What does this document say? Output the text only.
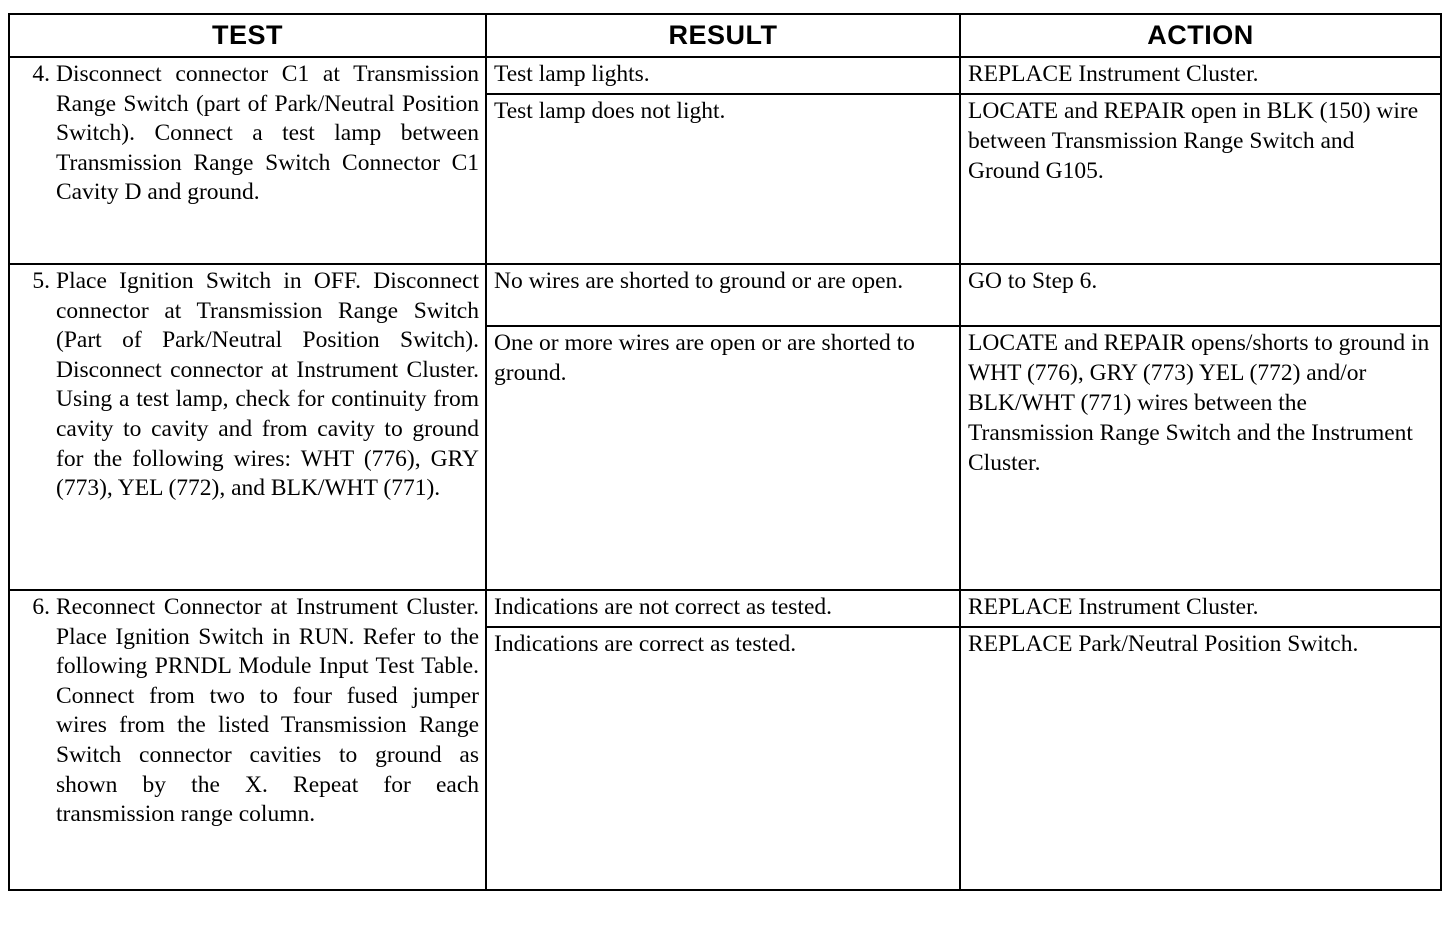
TEST	RESULT	ACTION

4. Disconnect connector C1 at Transmission Range Switch (part of Park/Neutral Position Switch). Connect a test lamp between Transmission Range Switch Connector C1 Cavity D and ground.	Test lamp lights.	REPLACE Instrument Cluster.
	Test lamp does not light.	LOCATE and REPAIR open in BLK (150) wire between Transmission Range Switch and Ground G105.

5. Place Ignition Switch in OFF. Disconnect connector at Transmission Range Switch (Part of Park/Neutral Position Switch). Disconnect connector at Instrument Cluster. Using a test lamp, check for continuity from cavity to cavity and from cavity to ground for the following wires: WHT (776), GRY (773), YEL (772), and BLK/WHT (771).	No wires are shorted to ground or are open.	GO to Step 6.
	One or more wires are open or are shorted to ground.	LOCATE and REPAIR opens/shorts to ground in WHT (776), GRY (773) YEL (772) and/or BLK/WHT (771) wires between the Transmission Range Switch and the Instrument Cluster.

6. Reconnect Connector at Instrument Cluster. Place Ignition Switch in RUN. Refer to the following PRNDL Module Input Test Table. Connect from two to four fused jumper wires from the listed Transmission Range Switch connector cavities to ground as shown by the X. Repeat for each transmission range column.	Indications are not correct as tested.	REPLACE Instrument Cluster.
	Indications are correct as tested.	REPLACE Park/Neutral Position Switch.
